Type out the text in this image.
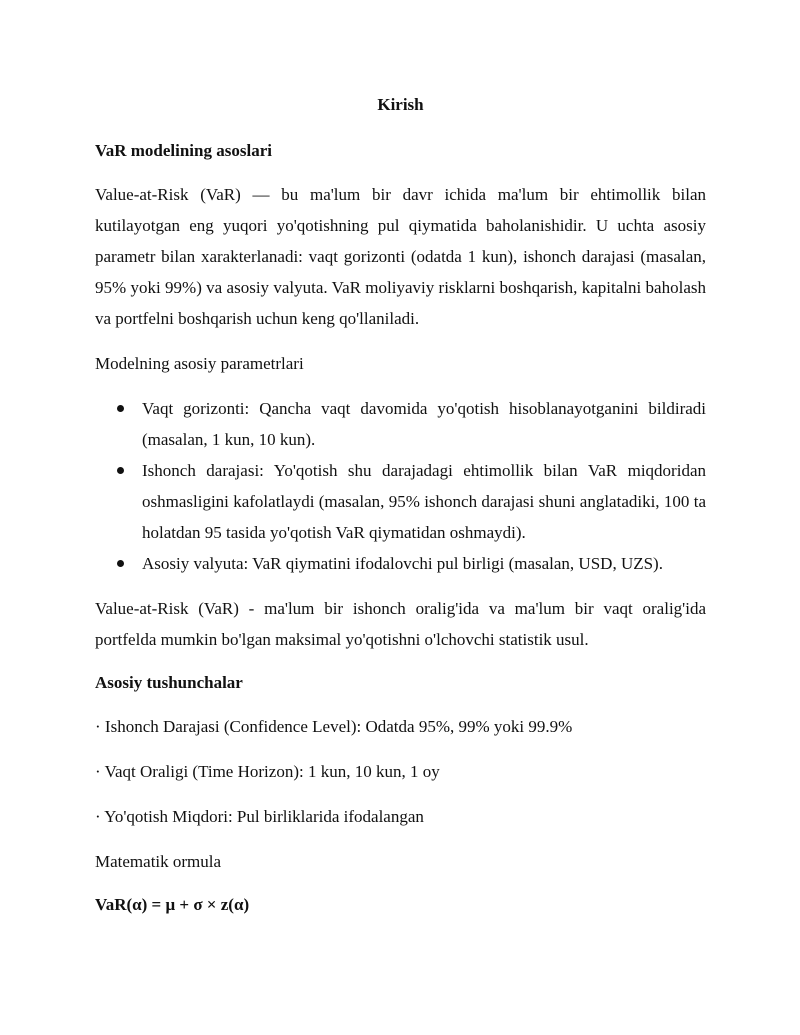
Kirish
VaR modelining asoslari
Value-at-Risk (VaR) — bu ma'lum bir davr ichida ma'lum bir ehtimollik bilan kutilayotgan eng yuqori yo'qotishning pul qiymatida baholanishidir. U uchta asosiy parametr bilan xarakterlanadi: vaqt gorizonti (odatda 1 kun), ishonch darajasi (masalan, 95% yoki 99%) va asosiy valyuta. VaR moliyaviy risklarni boshqarish, kapitalni baholash va portfelni boshqarish uchun keng qo'llaniladi.
Modelning asosiy parametrlari
Vaqt gorizonti: Qancha vaqt davomida yo'qotish hisoblanayotganini bildiradi (masalan, 1 kun, 10 kun).
Ishonch darajasi: Yo'qotish shu darajadagi ehtimollik bilan VaR miqdoridan oshmasligini kafolatlaydi (masalan, 95% ishonch darajasi shuni anglatadiki, 100 ta holatdan 95 tasida yo'qotish VaR qiymatidan oshmaydi).
Asosiy valyuta: VaR qiymatini ifodalovchi pul birligi (masalan, USD, UZS).
Value-at-Risk (VaR) - ma'lum bir ishonch oralig'ida va ma'lum bir vaqt oralig'ida portfelda mumkin bo'lgan maksimal yo'qotishni o'lchovchi statistik usul.
Asosiy tushunchalar
· Ishonch Darajasi (Confidence Level): Odatda 95%, 99% yoki 99.9%
· Vaqt Oraligi (Time Horizon): 1 kun, 10 kun, 1 oy
· Yo'qotish Miqdori: Pul birliklarida ifodalangan
Matematik ormula
VaR(α) = μ + σ × z(α)
